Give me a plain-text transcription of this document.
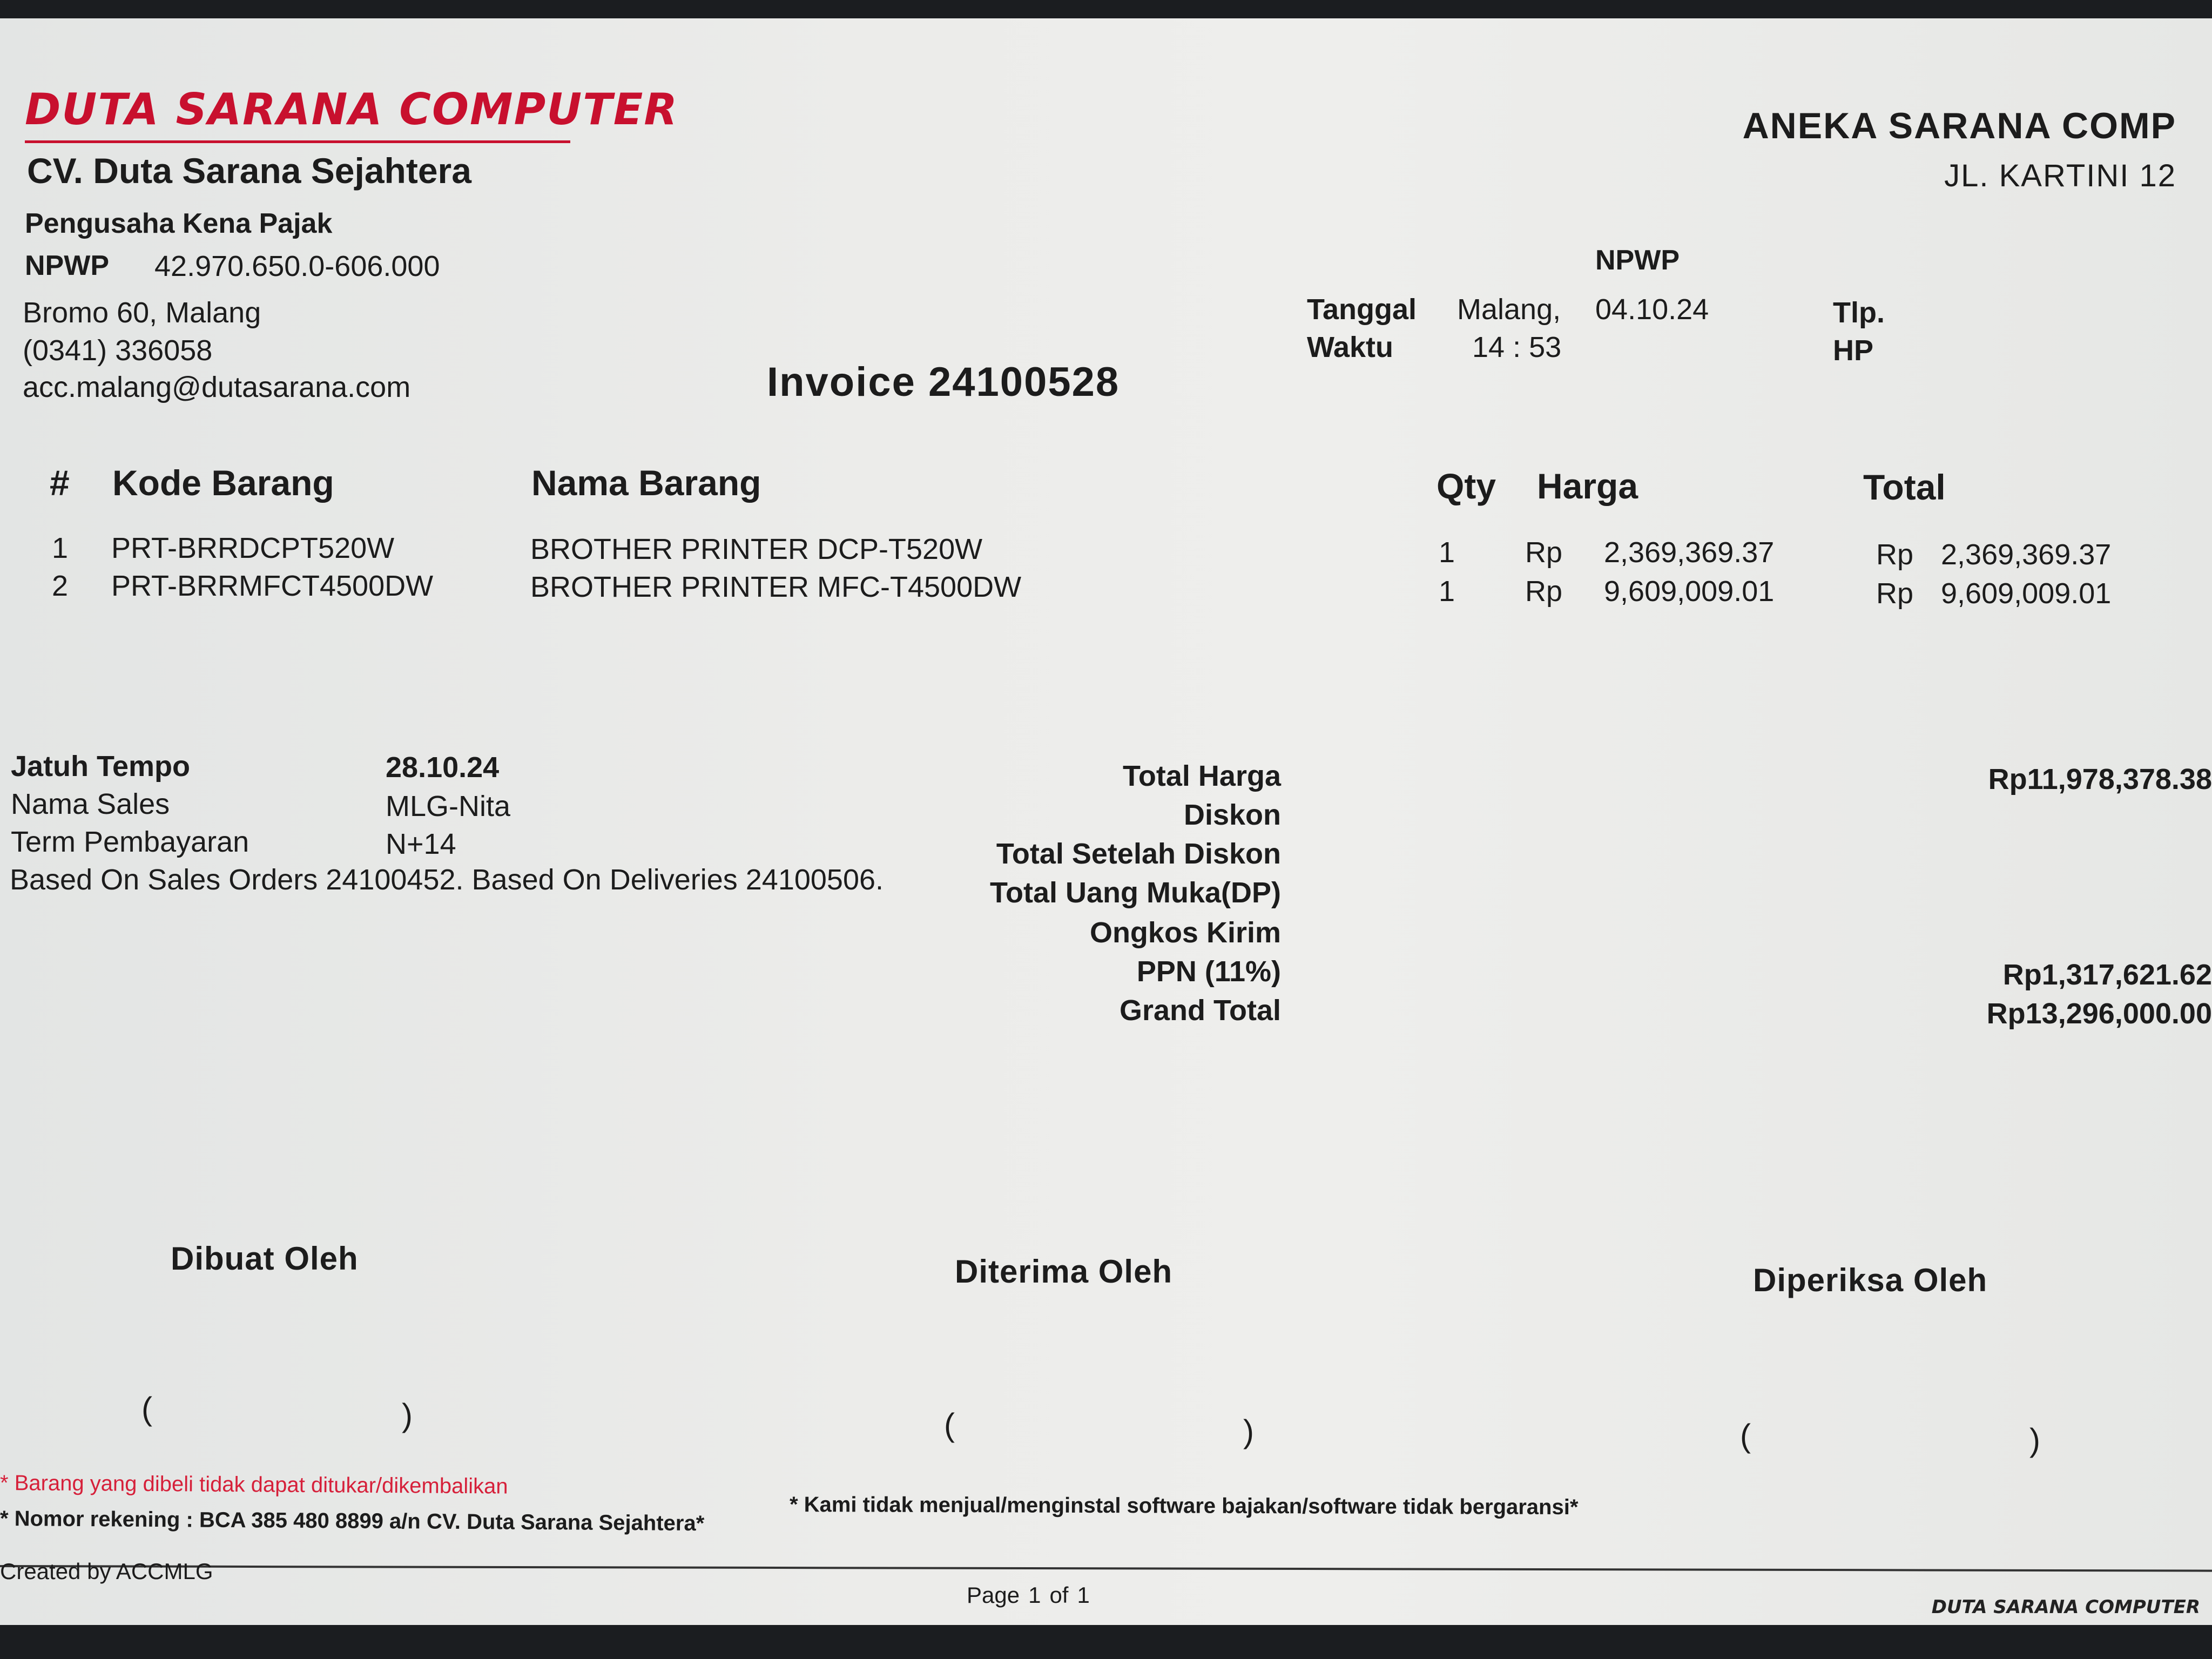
DUTA SARANA COMPUTER
CV. Duta Sarana Sejahtera
Pengusaha Kena Pajak
NPWP 42.970.650.0-606.000
Bromo 60, Malang
(0341) 336058
acc.malang@dutasarana.com	Invoice 24100528
ANEKA SARANA COMP
JL. KARTINI 12
NPWP
Tanggal Malang, 04.10.24
Waktu	14 : 53
Tlp.
HP
# Kode Barang	Nama Barang	Qty Harga	Total
1 PRT-BRRDCPT520W	BROTHER PRINTER DCP-T520W	1 Rp 2,369,369.37	Rp 2,369,369.37
2 PRT-BRRMFCT4500DW	BROTHER PRINTER MFC-T4500DW	1 Rp 9,609,009.01	Rp 9,609,009.01
Jatuh Tempo	28.10.24
Nama Sales	MLG-Nita
Term Pembayaran	N+14
Based On Sales Orders 24100452. Based On Deliveries 24100506.
Total Harga	Rp11,978,378.38
Diskon
Total Setelah Diskon
Total Uang Muka(DP)
Ongkos Kirim
PPN (11%)	Rp1,317,621.62
Grand Total	Rp13,296,000.00
Dibuat Oleh	Diterima Oleh	Diperiksa Oleh
(	)	(	)	(	)
* Barang yang dibeli tidak dapat ditukar/dikembalikan
* Nomor rekening : BCA 385 480 8899 a/n CV. Duta Sarana Sejahtera*
* Kami tidak menjual/menginstal software bajakan/software tidak bergaransi*
Created by ACCMLG
Page 1 of 1	DUTA SARANA COMPUTER
